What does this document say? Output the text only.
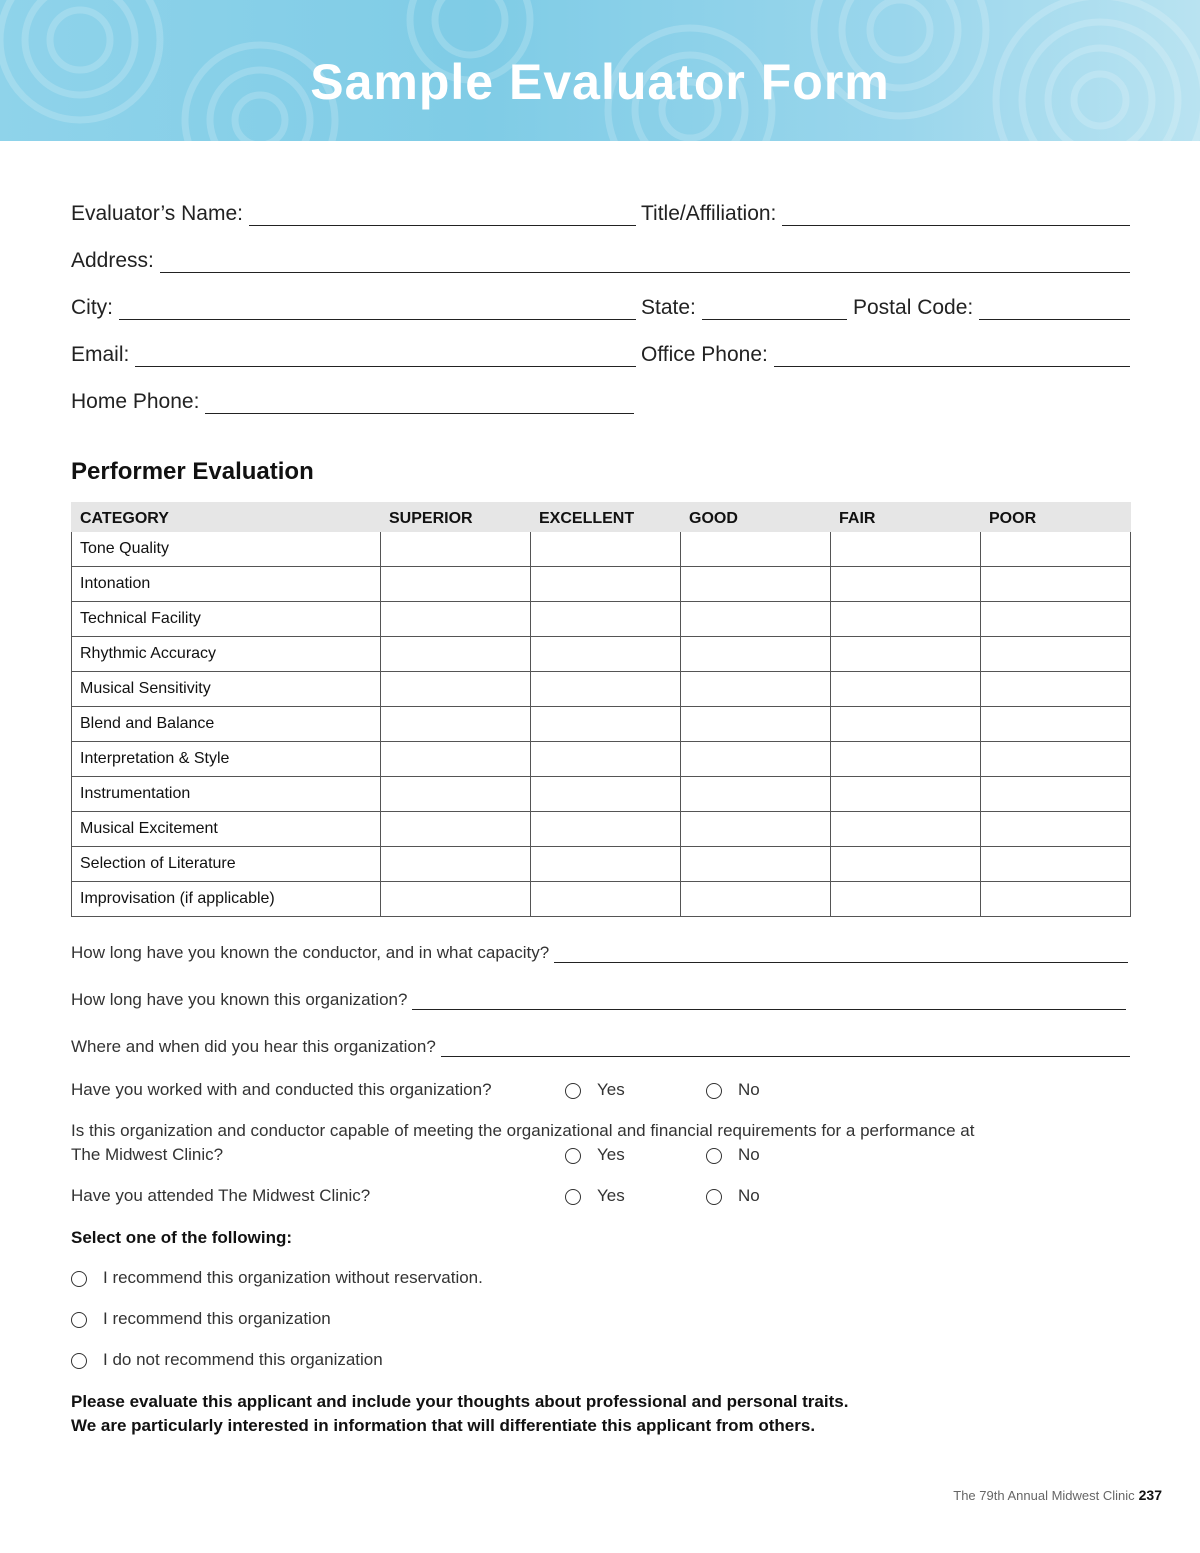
Sample Evaluator Form
Evaluator’s Name:	Title/Affiliation:
Address:
City:	State:	Postal Code:
Email:	Office Phone:
Home Phone:
Performer Evaluation
CATEGORY	SUPERIOR	EXCELLENT	GOOD	FAIR	POOR
Tone Quality					
Intonation					
Technical Facility					
Rhythmic Accuracy					
Musical Sensitivity					
Blend and Balance					
Interpretation & Style					
Instrumentation					
Musical Excitement					
Selection of Literature					
Improvisation (if applicable)					
How long have you known the conductor, and in what capacity?
How long have you known this organization?
Where and when did you hear this organization?
Have you worked with and conducted this organization?	Yes	No
Is this organization and conductor capable of meeting the organizational and financial requirements for a performance at
The Midwest Clinic?	Yes	No
Have you attended The Midwest Clinic?	Yes	No
Select one of the following:
I recommend this organization without reservation.
I recommend this organization
I do not recommend this organization
Please evaluate this applicant and include your thoughts about professional and personal traits.
We are particularly interested in information that will differentiate this applicant from others.
The 79th Annual Midwest Clinic 237
